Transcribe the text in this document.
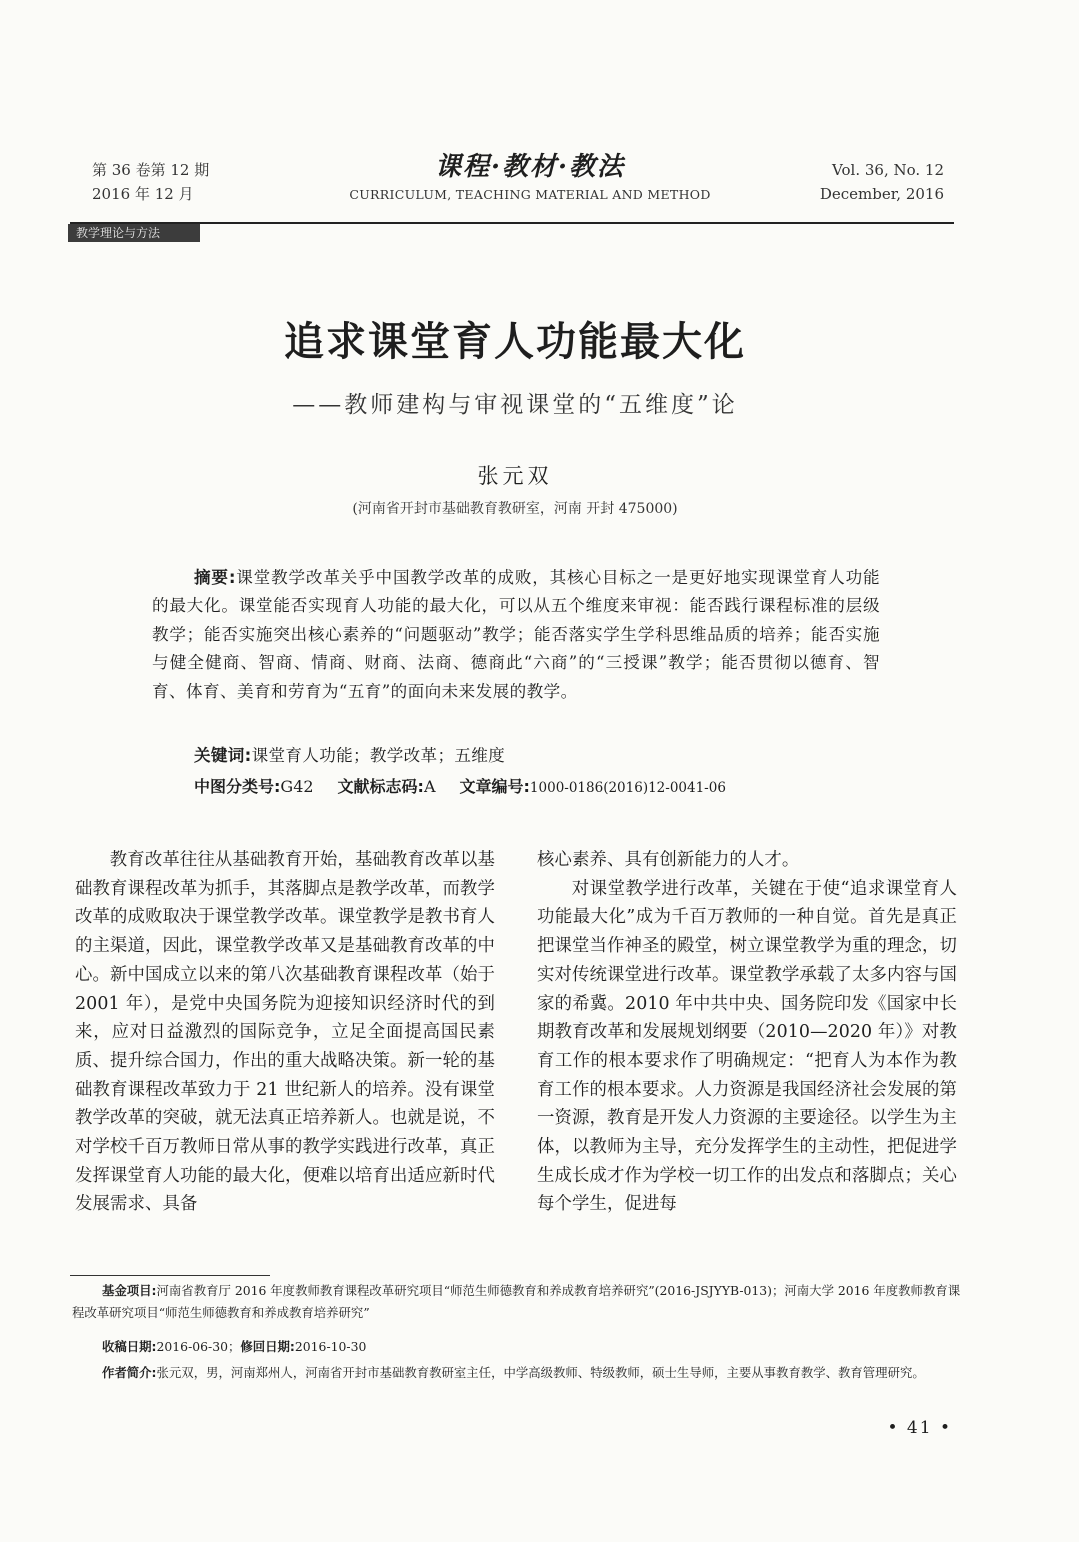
第 36 卷第 12 期
2016 年 12 月
课程·教材·教法
CURRICULUM, TEACHING MATERIAL AND METHOD
Vol. 36, No. 12
December, 2016
教学理论与方法
追求课堂育人功能最大化
——教师建构与审视课堂的“五维度”论
张元双
(河南省开封市基础教育教研室，河南 开封 475000)
摘要:课堂教学改革关乎中国教学改革的成败，其核心目标之一是更好地实现课堂育人功能的最大化。课堂能否实现育人功能的最大化，可以从五个维度来审视：能否践行课程标准的层级教学；能否实施突出核心素养的“问题驱动”教学；能否落实学生学科思维品质的培养；能否实施与健全健商、智商、情商、财商、法商、德商此“六商”的“三授课”教学；能否贯彻以德育、智育、体育、美育和劳育为“五育”的面向未来发展的教学。
关键词:课堂育人功能；教学改革；五维度
中图分类号:G42 文献标志码:A 文章编号:1000-0186(2016)12-0041-06

教育改革往往从基础教育开始，基础教育改革以基础教育课程改革为抓手，其落脚点是教学改革，而教学改革的成败取决于课堂教学改革。课堂教学是教书育人的主渠道，因此，课堂教学改革又是基础教育改革的中心。新中国成立以来的第八次基础教育课程改革（始于 2001 年），是党中央国务院为迎接知识经济时代的到来，应对日益激烈的国际竞争，立足全面提高国民素质、提升综合国力，作出的重大战略决策。新一轮的基础教育课程改革致力于 21 世纪新人的培养。没有课堂教学改革的突破，就无法真正培养新人。也就是说，不对学校千百万教师日常从事的教学实践进行改革，真正发挥课堂育人功能的最大化，便难以培育出适应新时代发展需求、具备

核心素养、具有创新能力的人才。

对课堂教学进行改革，关键在于使“追求课堂育人功能最大化”成为千百万教师的一种自觉。首先是真正把课堂当作神圣的殿堂，树立课堂教学为重的理念，切实对传统课堂进行改革。课堂教学承载了太多内容与国家的希冀。2010 年中共中央、国务院印发《国家中长期教育改革和发展规划纲要（2010—2020 年）》对教育工作的根本要求作了明确规定：“把育人为本作为教育工作的根本要求。人力资源是我国经济社会发展的第一资源，教育是开发人力资源的主要途径。以学生为主体，以教师为主导，充分发挥学生的主动性，把促进学生成长成才作为学校一切工作的出发点和落脚点；关心每个学生，促进每

基金项目:河南省教育厅 2016 年度教师教育课程改革研究项目“师范生师德教育和养成教育培养研究”(2016-JSJYYB-013)；河南大学 2016 年度教师教育课程改革研究项目“师范生师德教育和养成教育培养研究”
收稿日期:2016-06-30；修回日期:2016-10-30
作者简介:张元双，男，河南郑州人，河南省开封市基础教育教研室主任，中学高级教师、特级教师，硕士生导师，主要从事教育教学、教育管理研究。
• 41 •
